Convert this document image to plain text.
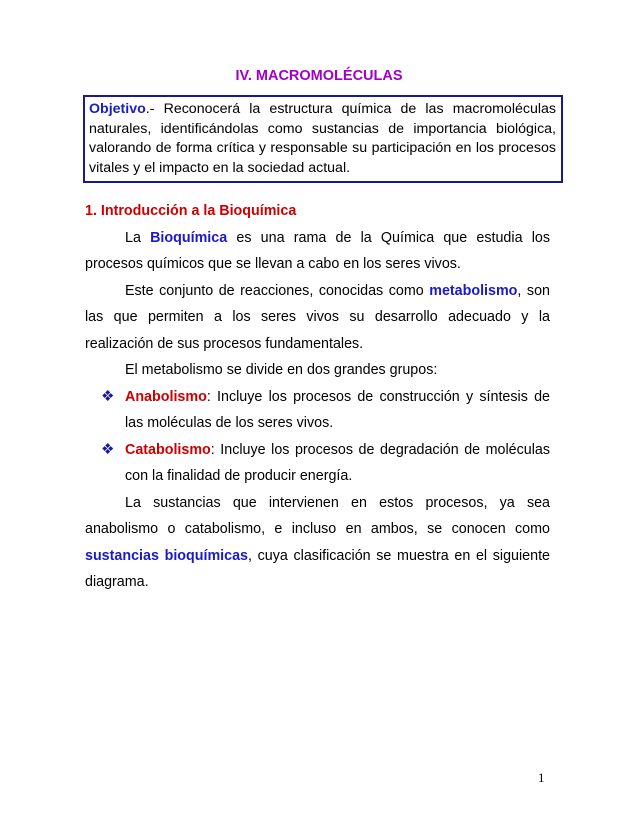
IV. MACROMOLÉCULAS
Objetivo.- Reconocerá la estructura química de las macromoléculas naturales, identificándolas como sustancias de importancia biológica, valorando de forma crítica y responsable su participación en los procesos vitales y el impacto en la sociedad actual.

1. Introducción a la Bioquímica

La Bioquímica es una rama de la Química que estudia los procesos químicos que se llevan a cabo en los seres vivos.

Este conjunto de reacciones, conocidas como metabolismo, son las que permiten a los seres vivos su desarrollo adecuado y la realización de sus procesos fundamentales.

El metabolismo se divide en dos grandes grupos:

❖ Anabolismo: Incluye los procesos de construcción y síntesis de las moléculas de los seres vivos.

❖ Catabolismo: Incluye los procesos de degradación de moléculas con la finalidad de producir energía.

La sustancias que intervienen en estos procesos, ya sea anabolismo o catabolismo, e incluso en ambos, se conocen como sustancias bioquímicas, cuya clasificación se muestra en el siguiente diagrama.

1
